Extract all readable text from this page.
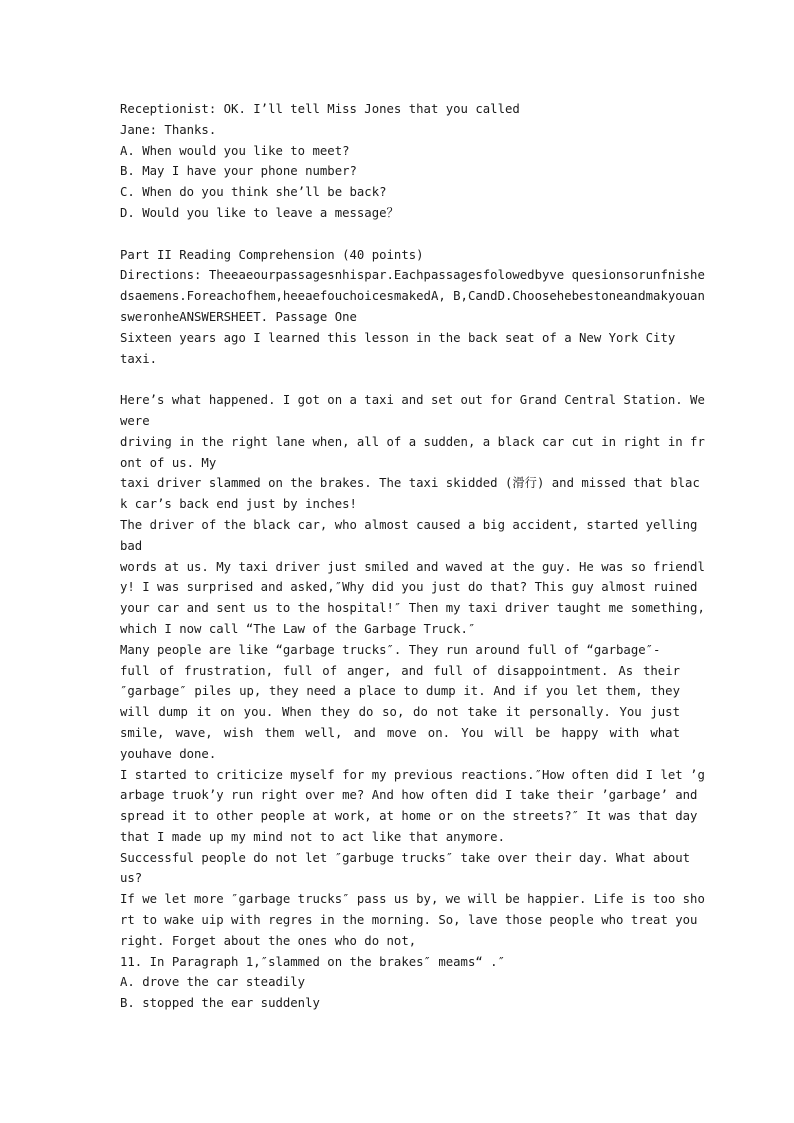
Receptionist: OK. I’ll tell Miss Jones that you called
Jane: Thanks.
A. When would you like to meet?
B. May I have your phone number?
C. When do you think she’ll be back?
D. Would you like to leave a message？
Part II Reading Comprehension (40 points)
Directions: Theeaeourpassagesnhispar.Eachpassagesfolowedbyve quesionsorunfnishe
dsaemens.Foreachofhem,heeaefouchoicesmakedA, B,CandD.Choosehebestoneandmakyouan
sweronheANSWERSHEET. Passage One
Sixteen years ago I learned this lesson in the back seat of a New York City
taxi.
Here’s what happened. I got on a taxi and set out for Grand Central Station. We
were
driving in the right lane when, all of a sudden, a black car cut in right in fr
ont of us. My
taxi driver slammed on the brakes. The taxi skidded (滑行) and missed that blac
k car’s back end just by inches!
The driver of the black car, who almost caused a big accident, started yelling
bad
words at us. My taxi driver just smiled and waved at the guy. He was so friendl
y! I was surprised and asked,″Why did you just do that? This guy almost ruined
your car and sent us to the hospital!″ Then my taxi driver taught me something,
which I now call “The Law of the Garbage Truck.″
Many people are like “garbage trucks″. They run around full of “garbage″-
full of frustration, full of anger, and full of disappointment. As their
″garbage″ piles up, they need a place to dump it. And if you let them, they
will dump it on you. When they do so, do not take it personally. You just
smile, wave, wish them well, and move on. You will be happy with what
youhave done.
I started to criticize myself for my previous reactions.″How often did I let ’g
arbage truok’y run right over me? And how often did I take their ’garbage’ and
spread it to other people at work, at home or on the streets?″ It was that day
that I made up my mind not to act like that anymore.
Successful people do not let ″garbuge trucks″ take over their day. What about
us?
If we let more ″garbage trucks″ pass us by, we will be happier. Life is too sho
rt to wake uip with regres in the morning. So, lave those people who treat you
right. Forget about the ones who do not,
11. In Paragraph 1,″slammed on the brakes″ meams“ .″
A. drove the car steadily
B. stopped the ear suddenly
